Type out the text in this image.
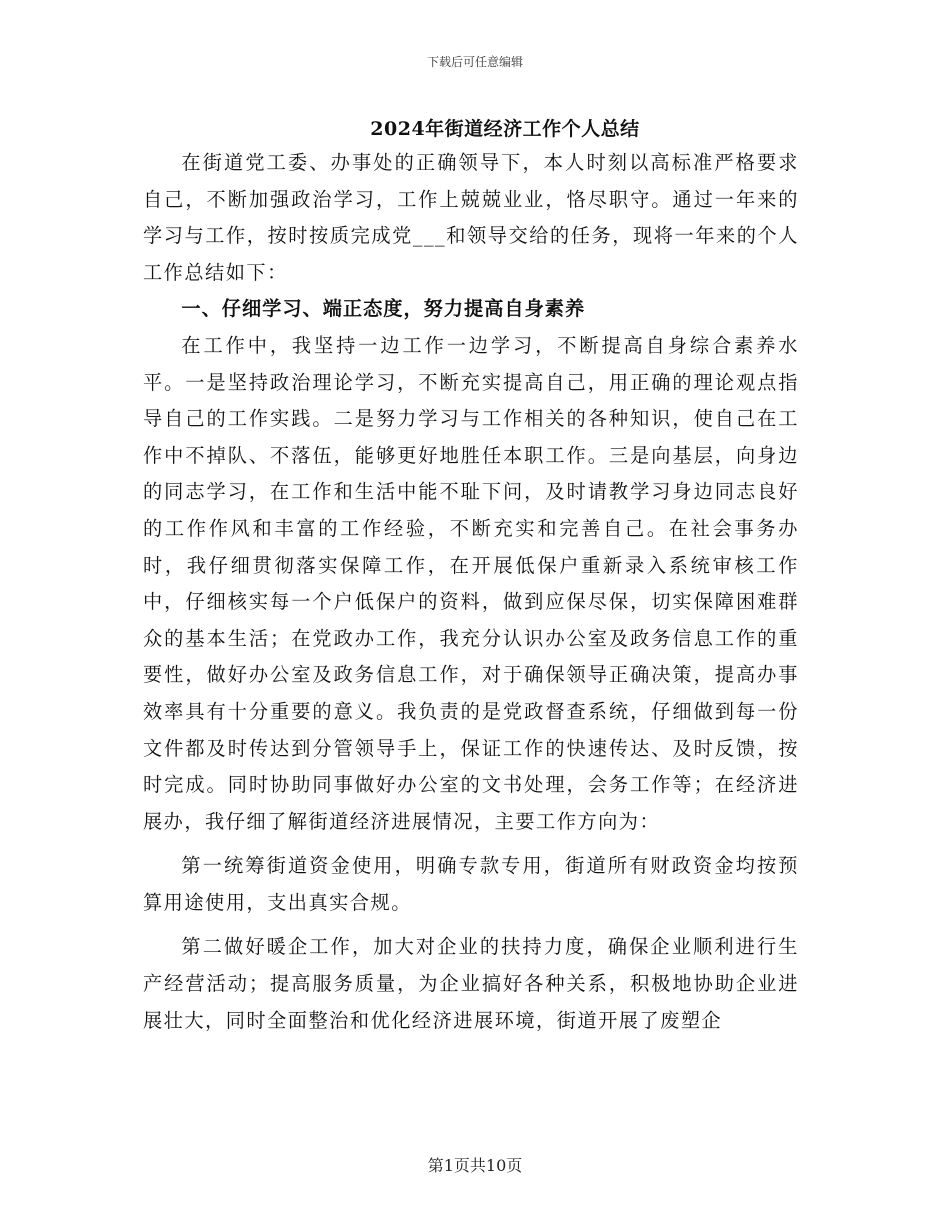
下载后可任意编辑
2024年街道经济工作个人总结

在街道党工委、办事处的正确领导下，本人时刻以高标准严格要求自己，不断加强政治学习，工作上兢兢业业，恪尽职守。通过一年来的学习与工作，按时按质完成党___和领导交给的任务，现将一年来的个人工作总结如下：

一、仔细学习、端正态度，努力提高自身素养

在工作中，我坚持一边工作一边学习，不断提高自身综合素养水平。一是坚持政治理论学习，不断充实提高自己，用正确的理论观点指导自己的工作实践。二是努力学习与工作相关的各种知识，使自己在工作中不掉队、不落伍，能够更好地胜任本职工作。三是向基层，向身边的同志学习，在工作和生活中能不耻下问，及时请教学习身边同志良好的工作作风和丰富的工作经验，不断充实和完善自己。在社会事务办时，我仔细贯彻落实保障工作，在开展低保户重新录入系统审核工作中，仔细核实每一个户低保户的资料，做到应保尽保，切实保障困难群众的基本生活；在党政办工作，我充分认识办公室及政务信息工作的重要性，做好办公室及政务信息工作，对于确保领导正确决策，提高办事效率具有十分重要的意义。我负责的是党政督查系统，仔细做到每一份文件都及时传达到分管领导手上，保证工作的快速传达、及时反馈，按时完成。同时协助同事做好办公室的文书处理，会务工作等；在经济进展办，我仔细了解街道经济进展情况，主要工作方向为：

第一统筹街道资金使用，明确专款专用，街道所有财政资金均按预算用途使用，支出真实合规。

第二做好暖企工作，加大对企业的扶持力度，确保企业顺利进行生产经营活动；提高服务质量，为企业搞好各种关系，积极地协助企业进展壮大，同时全面整治和优化经济进展环境，街道开展了废塑企

第1页共10页
